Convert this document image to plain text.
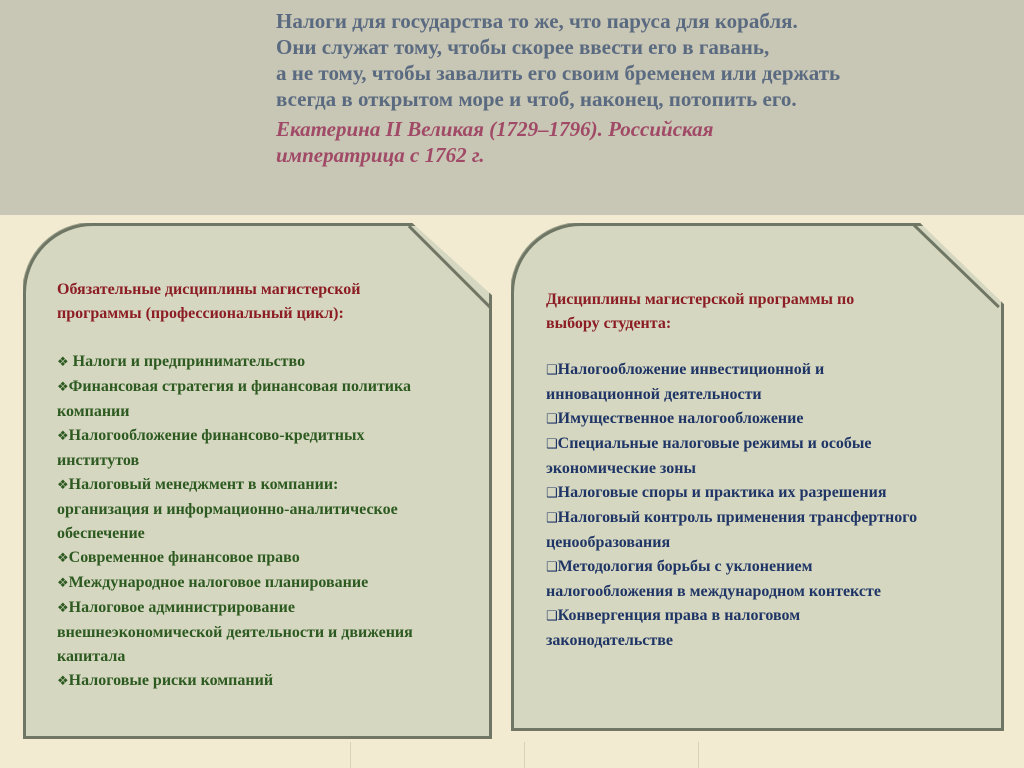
Налоги для государства то же, что паруса для корабля.
Они служат тому, чтобы скорее ввести его в гавань,
а не тому, чтобы завалить его своим бременем или держать
всегда в открытом море и чтоб, наконец, потопить его.
Екатерина II Великая (1729–1796). Российская
императрица с 1762 г.
Обязательные дисциплины магистерской
программы (профессиональный цикл):
❖ Налоги и предпринимательство
❖Финансовая стратегия и финансовая политика компании
❖Налогообложение финансово-кредитных институтов
❖Налоговый менеджмент в компании: организация и информационно-аналитическое обеспечение
❖Современное финансовое право
❖Международное налоговое планирование
❖Налоговое администрирование внешнеэкономической деятельности и движения капитала
❖Налоговые риски компаний
Дисциплины магистерской программы по
выбору студента:
❑Налогообложение инвестиционной и инновационной деятельности
❑Имущественное налогообложение
❑Специальные налоговые режимы и особые экономические зоны
❑Налоговые споры и практика их разрешения
❑Налоговый контроль применения трансфертного ценообразования
❑Методология борьбы с уклонением налогообложения в международном контексте
❑Конвергенция права в налоговом законодательстве
